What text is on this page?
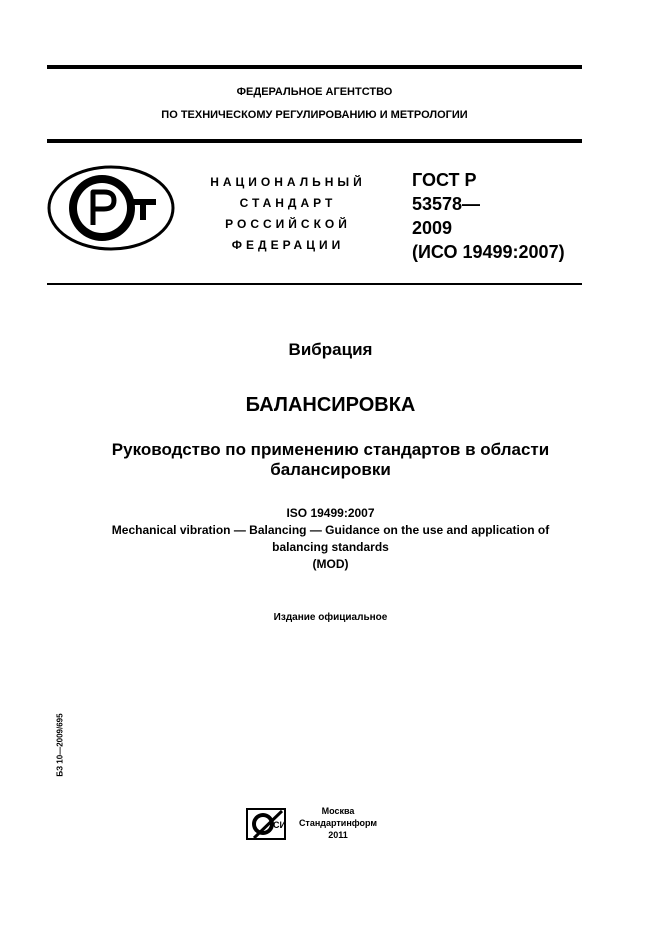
ФЕДЕРАЛЬНОЕ АГЕНТСТВО
ПО ТЕХНИЧЕСКОМУ РЕГУЛИРОВАНИЮ И МЕТРОЛОГИИ
НАЦИОНАЛЬНЫЙ
СТАНДАРТ
РОССИЙСКОЙ
ФЕДЕРАЦИИ
ГОСТ Р
53578—
2009
(ИСО 19499:2007)
Вибрация
БАЛАНСИРОВКА
Руководство по применению стандартов в области
балансировки
ISO 19499:2007
Mechanical vibration — Balancing — Guidance on the use and application of
balancing standards
(MOD)
Издание официальное
БЗ 10—2009/695
СИ
Москва
Стандартинформ
2011
